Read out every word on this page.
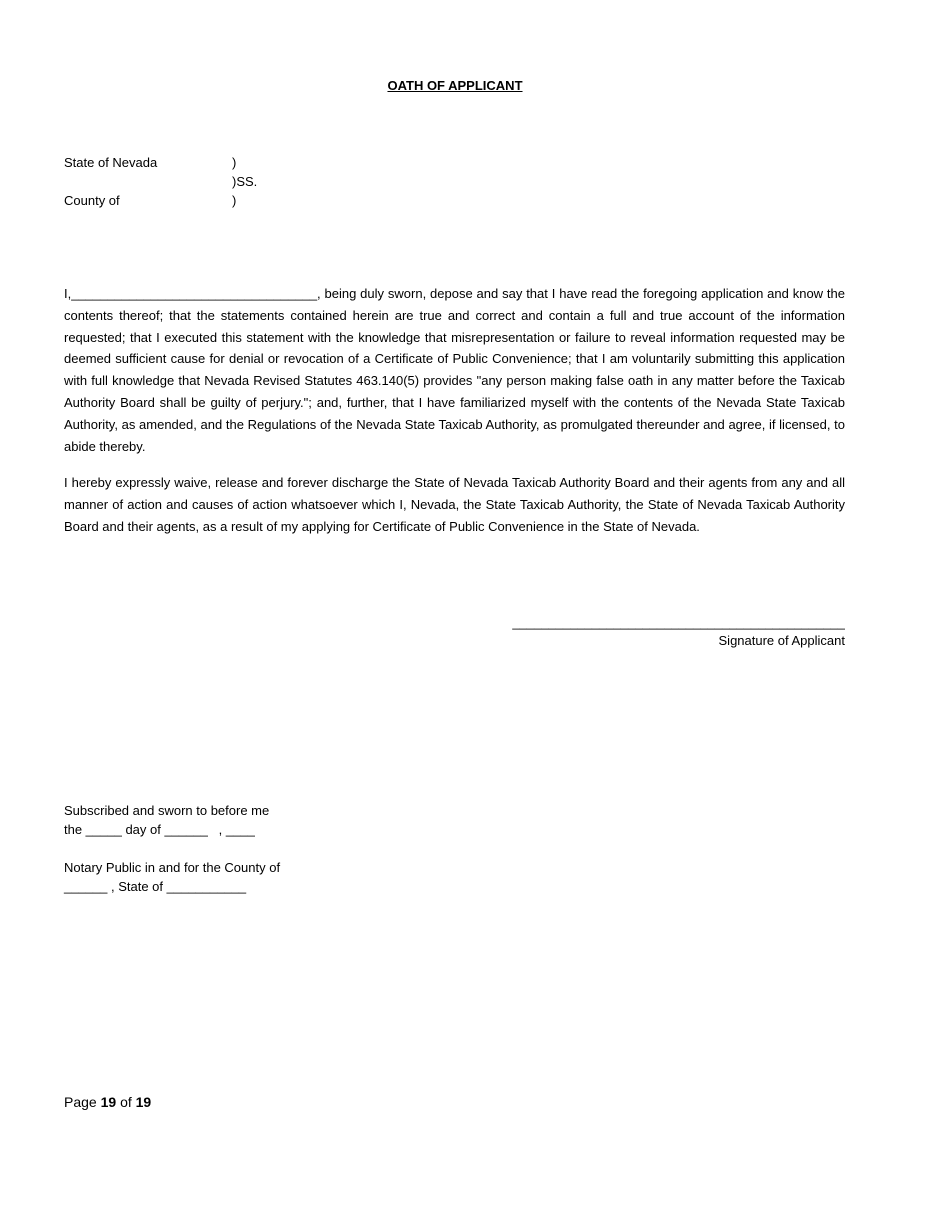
OATH OF APPLICANT
State of Nevada	)
)SS.
County of	)

I,__________________________________, being duly sworn, depose and say that I have read the foregoing application and know the contents thereof; that the statements contained herein are true and correct and contain a full and true account of the information requested; that I executed this statement with the knowledge that misrepresentation or failure to reveal information requested may be deemed sufficient cause for denial or revocation of a Certificate of Public Convenience; that I am voluntarily submitting this application with full knowledge that Nevada Revised Statutes 463.140(5) provides "any person making false oath in any matter before the Taxicab Authority Board shall be guilty of perjury."; and, further, that I have familiarized myself with the contents of the Nevada State Taxicab Authority, as amended, and the Regulations of the Nevada State Taxicab Authority, as promulgated thereunder and agree, if licensed, to abide thereby.

I hereby expressly waive, release and forever discharge the State of Nevada Taxicab Authority Board and their agents from any and all manner of action and causes of action whatsoever which I, Nevada, the State Taxicab Authority, the State of Nevada Taxicab Authority Board and their agents, as a result of my applying for Certificate of Public Convenience in the State of Nevada.

______________________________________________
Signature of Applicant
Subscribed and sworn to before me
the _____ day of ______   , ____
Notary Public in and for the County of
______ , State of ___________
Page 19 of 19
